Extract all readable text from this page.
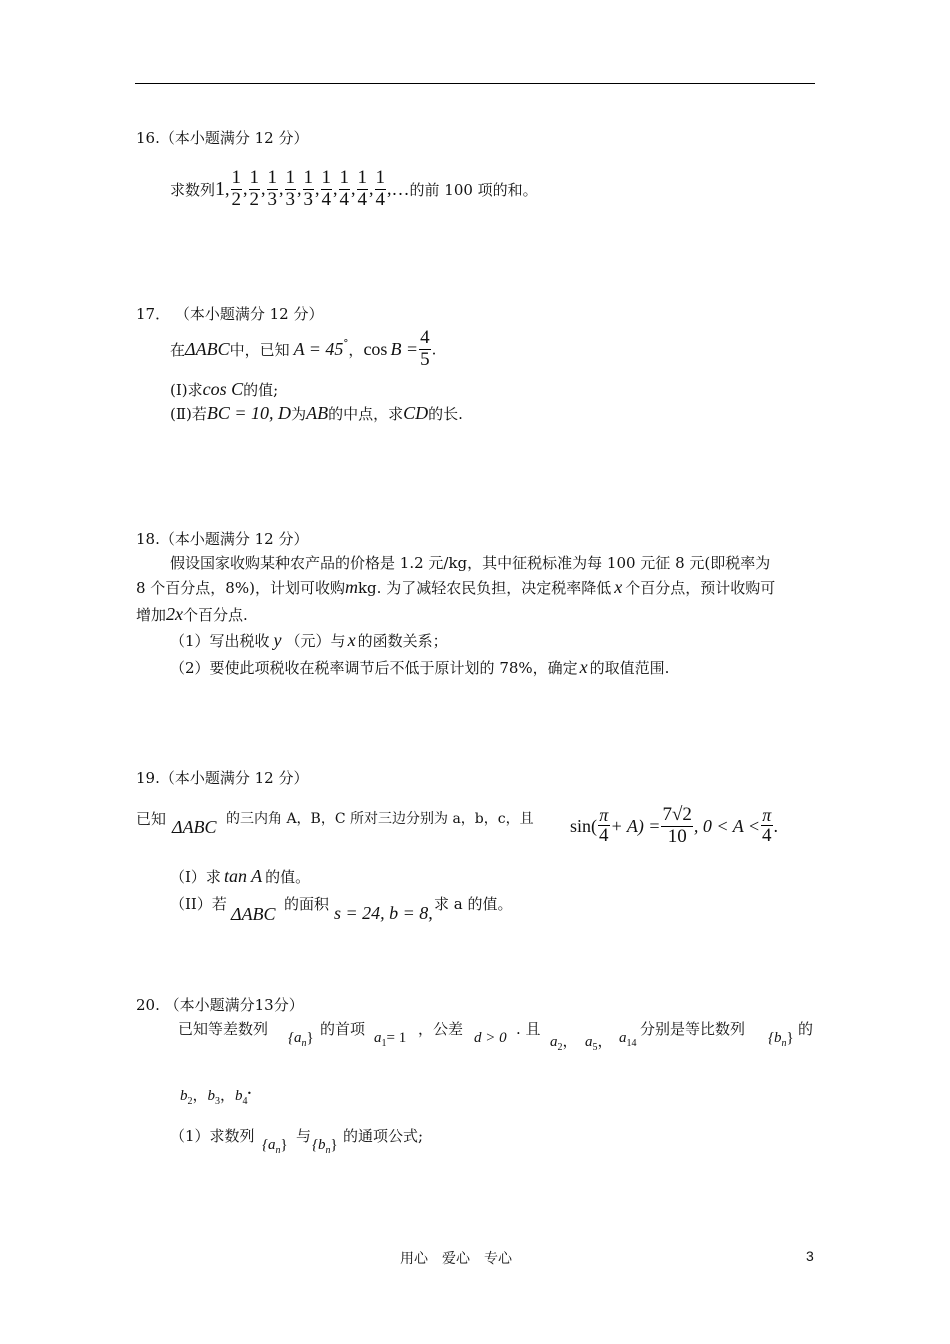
16.（本小题满分 12 分）
求数列1, $\frac{1}{2}$ , $\frac{1}{2}$ , $\frac{1}{3}$ , $\frac{1}{3}$ , $\frac{1}{3}$ , $\frac{1}{4}$ , $\frac{1}{4}$ , $\frac{1}{4}$ , $\frac{1}{4}$ ,…的前 100 项的和。
17． （本小题满分 12 分）
在ΔABC中，已知 A = 45°，$\cos B = \frac{4}{5}$ .
(Ⅰ)求cos C的值;
(Ⅱ)若BC = 10, D为AB的中点，求CD的长.
18.（本小题满分 12 分）
假设国家收购某种农产品的价格是 1.2 元/kg，其中征税标准为每 100 元征 8 元(即税率为
8 个百分点，8%)，计划可收购mkg. 为了减轻农民负担，决定税率降低 x 个百分点，预计收购可
增加2x个百分点.
（1）写出税收 y （元）与 x 的函数关系；
（2）要使此项税收在税率调节后不低于原计划的 78%，确定 x 的取值范围.
19.（本小题满分 12 分）
已知 ΔABC 的三内角 A，B，C 所对三边分别为 a，b，c，且 $\sin( \frac{\pi}{4} + A) = \frac{7√2}{10}$ , $0 < A < \frac{\pi}{4}$ .
（I）求 tan A 的值。
（II）若 ΔABC 的面积 s = 24, b = 8, 求 a 的值。
20. （本小题满分13分）
已知等差数列 $\{a_n\}$ 的首项 $a_1= 1$ ，公差 d > 0 . 且
$a_2$， $a_5$， $a_{14}$
分别是等比数列 $\{b_n\}$ 的
$b_2$，$b_3$，$b_4$.
（1）求数列 $\{a_n\}$ 与 $\{b_n\}$ 的通项公式;
用心　爱心　专心	3
